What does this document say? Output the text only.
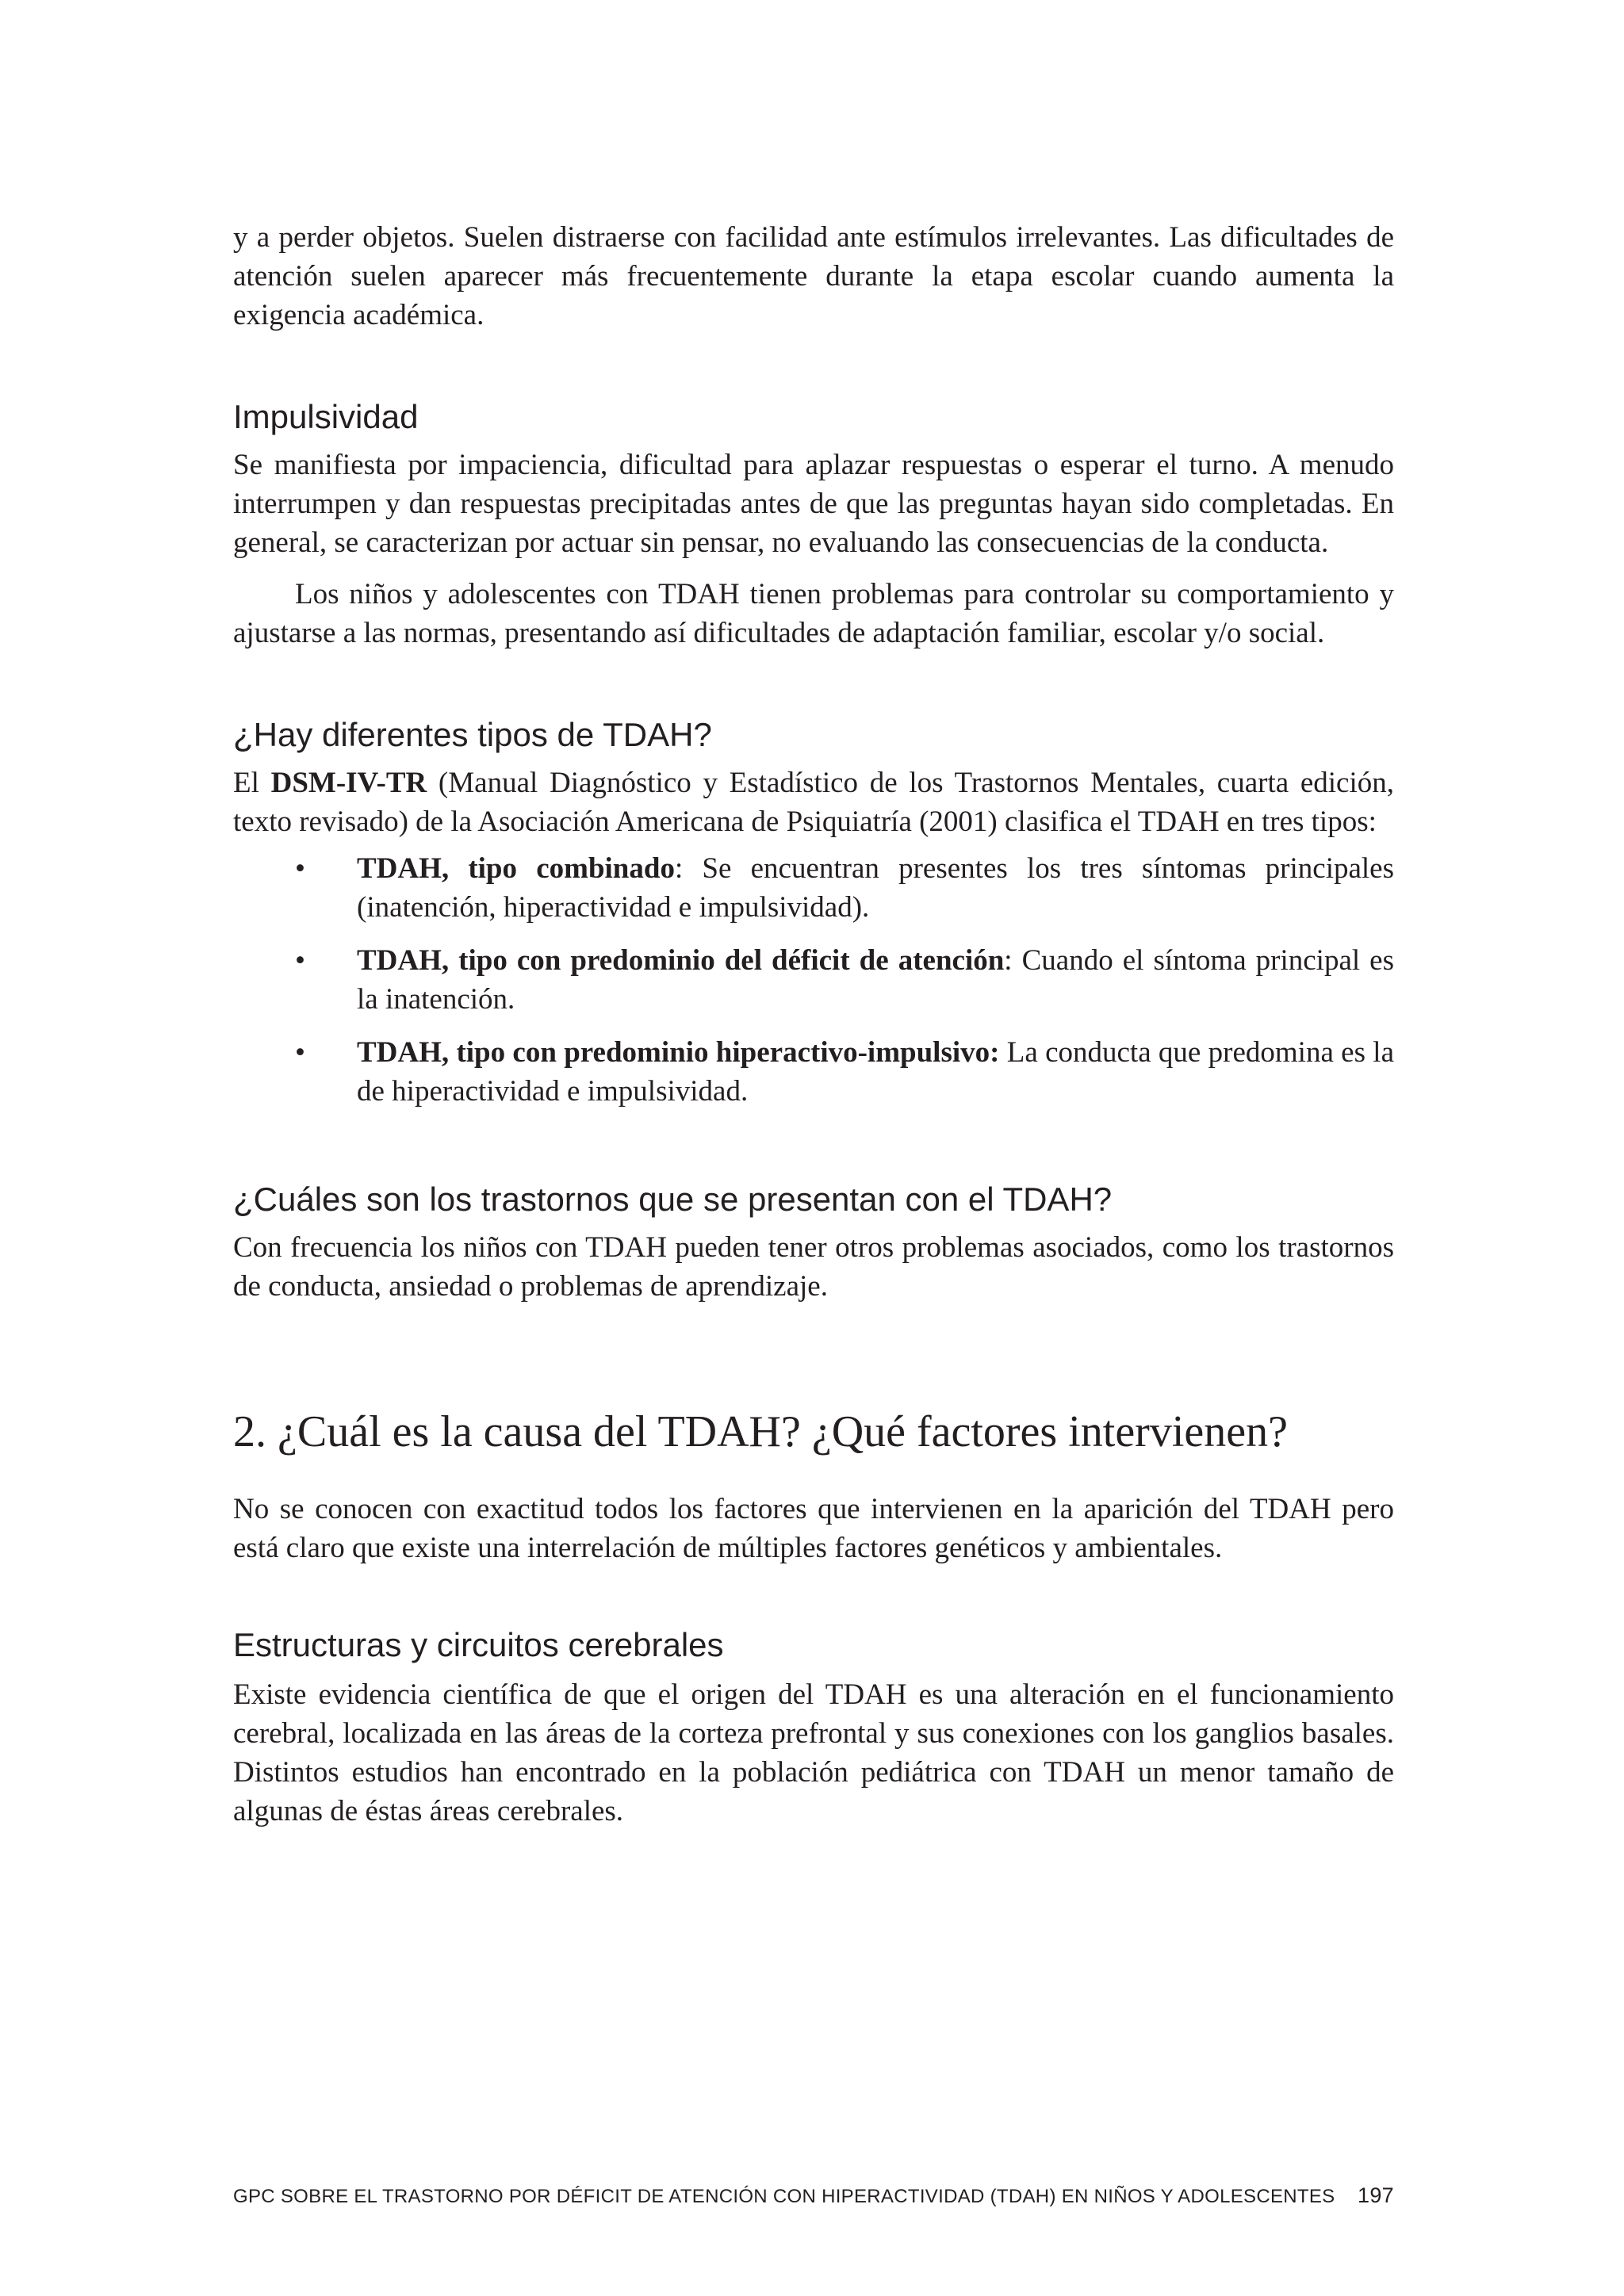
y a perder objetos. Suelen distraerse con facilidad ante estímulos irrelevantes. Las dificultades de atención suelen aparecer más frecuentemente durante la etapa escolar cuando aumenta la exigencia académica.

Impulsividad

Se manifiesta por impaciencia, dificultad para aplazar respuestas o esperar el turno. A menudo interrumpen y dan respuestas precipitadas antes de que las preguntas hayan sido completadas. En general, se caracterizan por actuar sin pensar, no evaluando las consecuencias de la conducta.

Los niños y adolescentes con TDAH tienen problemas para controlar su comportamiento y ajustarse a las normas, presentando así dificultades de adaptación familiar, escolar y/o social.

¿Hay diferentes tipos de TDAH?

El DSM-IV-TR (Manual Diagnóstico y Estadístico de los Trastornos Mentales, cuarta edición, texto revisado) de la Asociación Americana de Psiquiatría (2001) clasifica el TDAH en tres tipos:

• TDAH, tipo combinado: Se encuentran presentes los tres síntomas principales (inatención, hiperactividad e impulsividad).
• TDAH, tipo con predominio del déficit de atención: Cuando el síntoma principal es la inatención.
• TDAH, tipo con predominio hiperactivo-impulsivo: La conducta que predomina es la de hiperactividad e impulsividad.
¿Cuáles son los trastornos que se presentan con el TDAH?

Con frecuencia los niños con TDAH pueden tener otros problemas asociados, como los trastornos de conducta, ansiedad o problemas de aprendizaje.

2. ¿Cuál es la causa del TDAH? ¿Qué factores intervienen?

No se conocen con exactitud todos los factores que intervienen en la aparición del TDAH pero está claro que existe una interrelación de múltiples factores genéticos y ambientales.

Estructuras y circuitos cerebrales

Existe evidencia científica de que el origen del TDAH es una alteración en el funcionamiento cerebral, localizada en las áreas de la corteza prefrontal y sus conexiones con los ganglios basales. Distintos estudios han encontrado en la población pediátrica con TDAH un menor tamaño de algunas de éstas áreas cerebrales.

GPC SOBRE EL TRASTORNO POR DÉFICIT DE ATENCIÓN CON HIPERACTIVIDAD (TDAH) EN NIÑOS Y ADOLESCENTES 197
